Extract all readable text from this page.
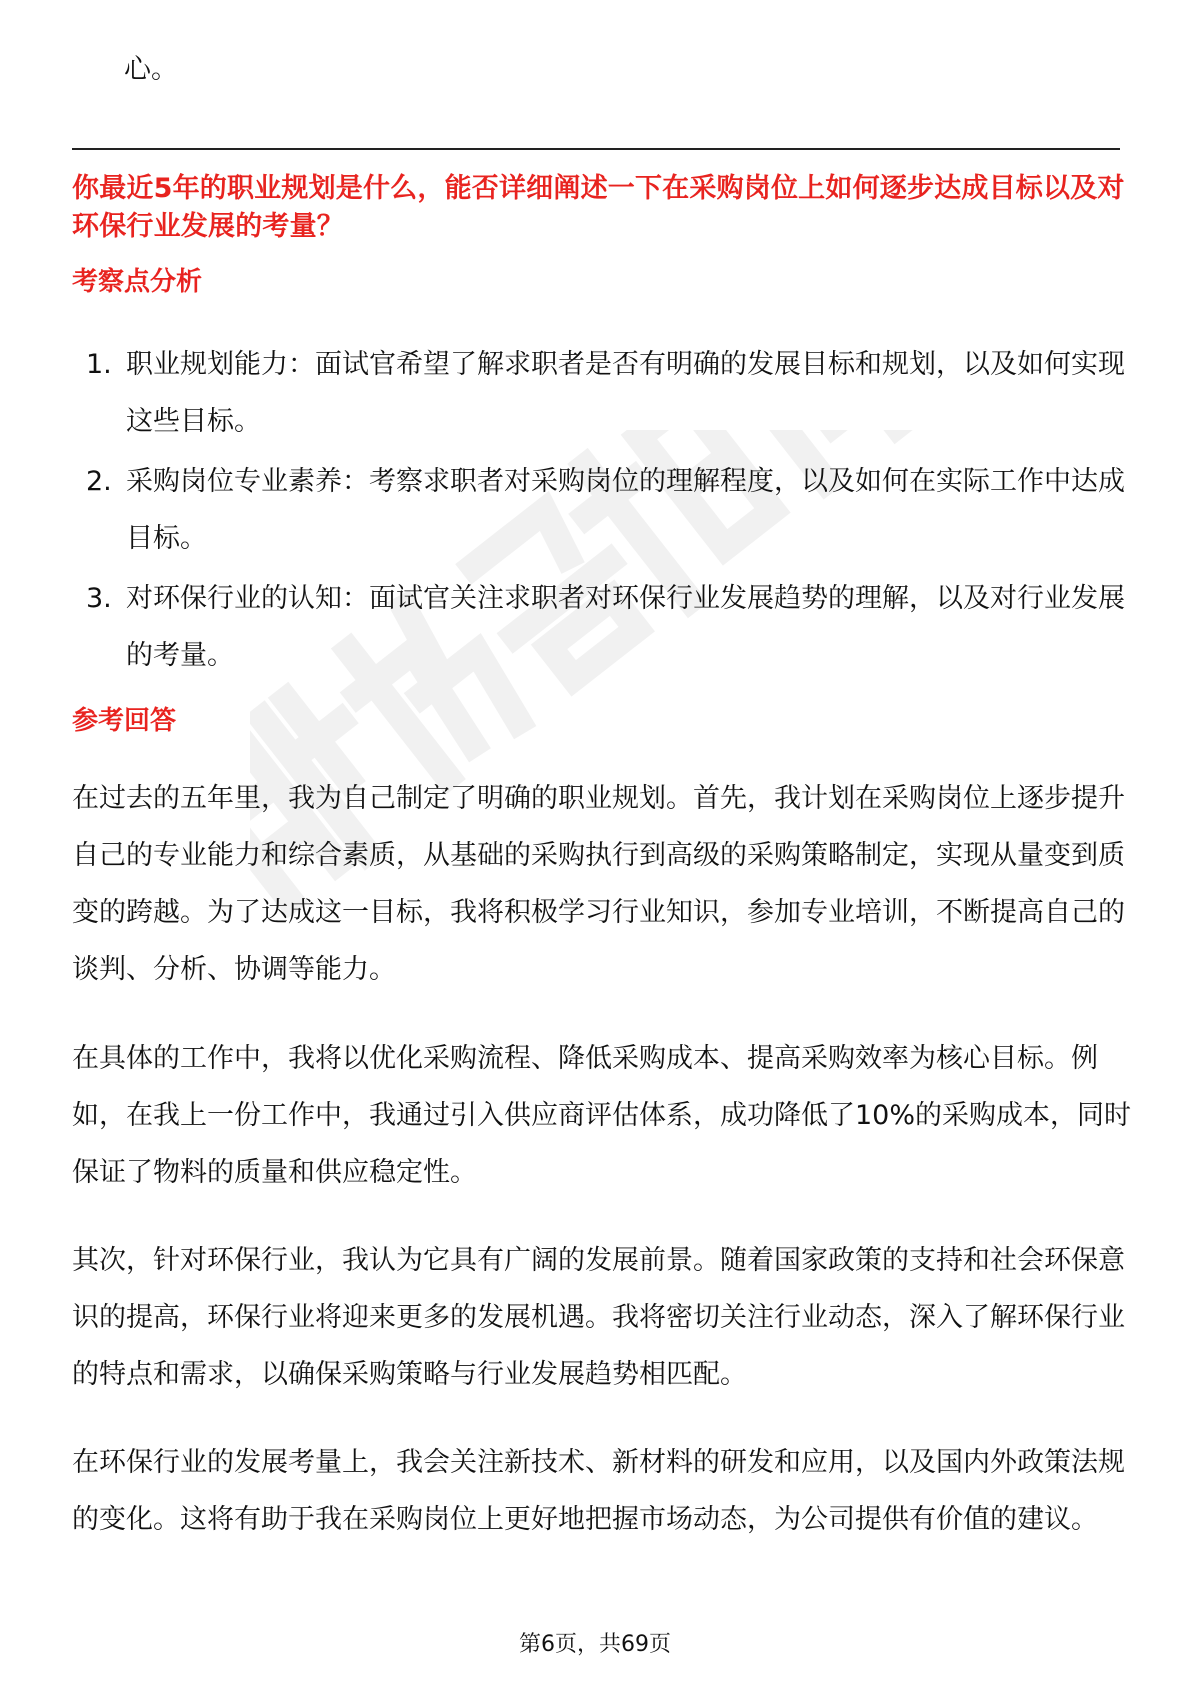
心。
你最近5年的职业规划是什么，能否详细阐述一下在采购岗位上如何逐步达成目标以及对环保行业发展的考量？
考察点分析
1. 职业规划能力：面试官希望了解求职者是否有明确的发展目标和规划，以及如何实现这些目标。
2. 采购岗位专业素养：考察求职者对采购岗位的理解程度，以及如何在实际工作中达成目标。
3. 对环保行业的认知：面试官关注求职者对环保行业发展趋势的理解，以及对行业发展的考量。
参考回答

在过去的五年里，我为自己制定了明确的职业规划。首先，我计划在采购岗位上逐步提升自己的专业能力和综合素质，从基础的采购执行到高级的采购策略制定，实现从量变到质变的跨越。为了达成这一目标，我将积极学习行业知识，参加专业培训，不断提高自己的谈判、分析、协调等能力。

在具体的工作中，我将以优化采购流程、降低采购成本、提高采购效率为核心目标。例如，在我上一份工作中，我通过引入供应商评估体系，成功降低了10%的采购成本，同时保证了物料的质量和供应稳定性。

其次，针对环保行业，我认为它具有广阔的发展前景。随着国家政策的支持和社会环保意识的提高，环保行业将迎来更多的发展机遇。我将密切关注行业动态，深入了解环保行业的特点和需求，以确保采购策略与行业发展趋势相匹配。

在环保行业的发展考量上，我会关注新技术、新材料的研发和应用，以及国内外政策法规的变化。这将有助于我在采购岗位上更好地把握市场动态，为公司提供有价值的建议。

第6页，共69页
